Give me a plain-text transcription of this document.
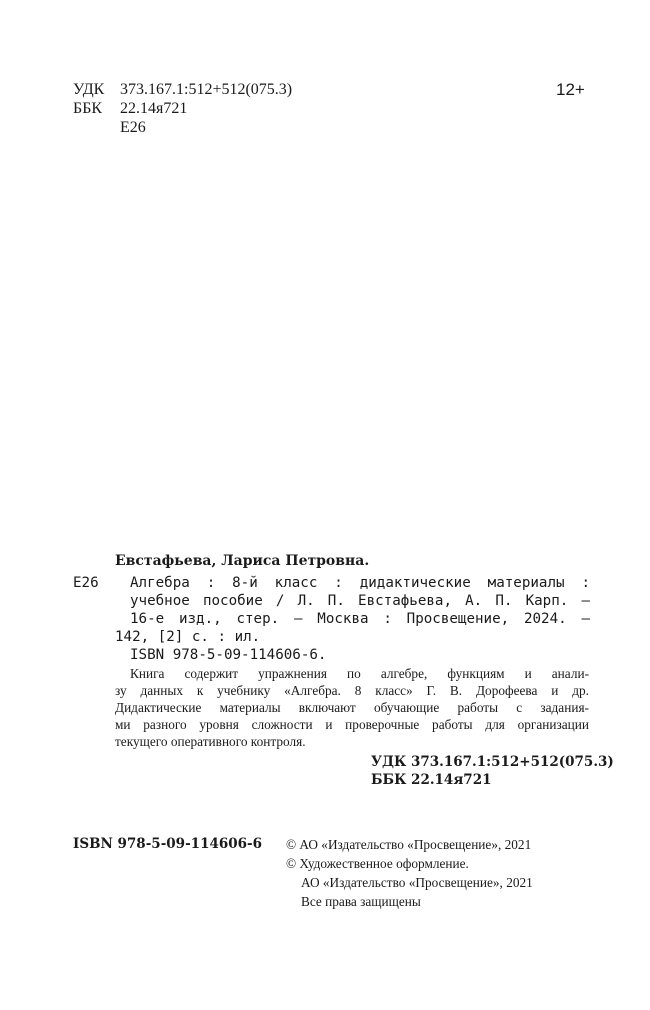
УДК 373.167.1:512+512(075.3)
ББК 22.14я721
Е26
12+
Евстафьева, Лариса Петровна.
Е26 Алгебра : 8-й класс : дидактические материалы :
учебное пособие / Л. П. Евстафьева, А. П. Карп. —
16-е изд., стер. — Москва : Просвещение, 2024. —
142, [2] с. : ил.
ISBN 978-5-09-114606-6.
Книга содержит упражнения по алгебре, функциям и анали-
зу данных к учебнику «Алгебра. 8 класс» Г. В. Дорофеева и др.
Дидактические материалы включают обучающие работы с задания-
ми разного уровня сложности и проверочные работы для организации
текущего оперативного контроля.
УДК 373.167.1:512+512(075.3)
ББК 22.14я721
ISBN 978-5-09-114606-6 © АО «Издательство «Просвещение», 2021
© Художественное оформление.
АО «Издательство «Просвещение», 2021
Все права защищены
